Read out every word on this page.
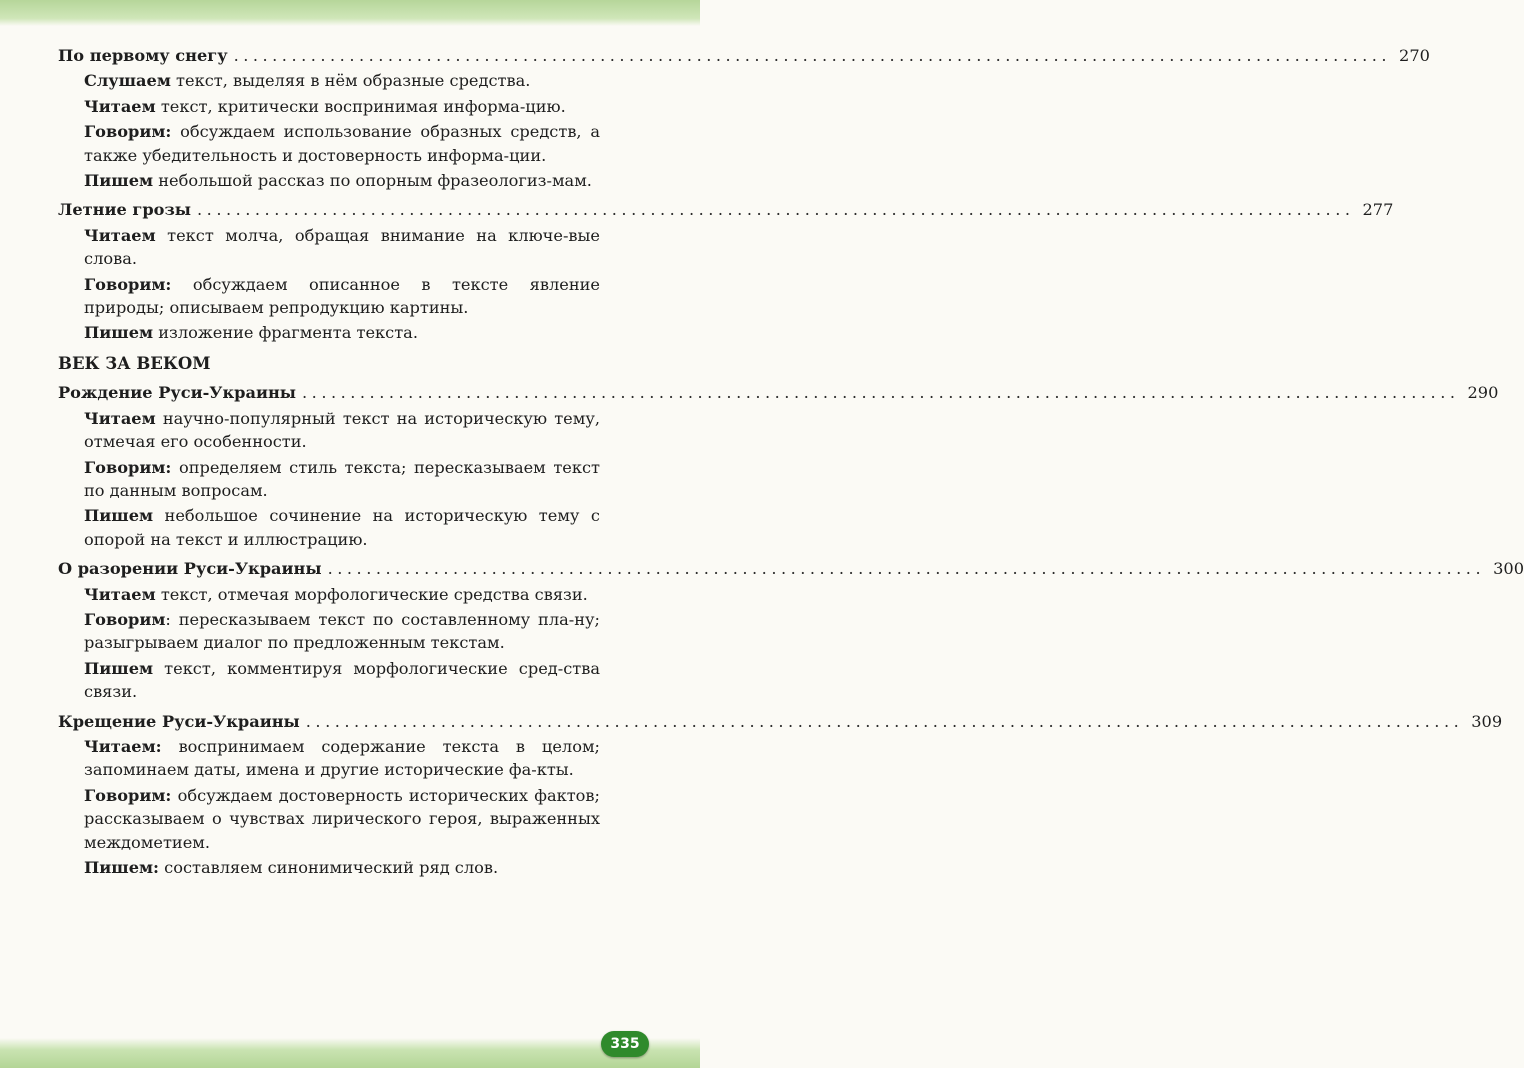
По первому снегу ........................................................................................................................ 270
Слушаем текст, выделяя в нём образные средства.
Читаем текст, критически воспринимая информа-цию.
Говорим: обсуждаем использование образных средств, а также убедительность и достоверность информа-ции.
Пишем небольшой рассказ по опорным фразеологиз-мам.
Летние грозы ........................................................................................................................ 277
Читаем текст молча, обращая внимание на ключе-вые слова.
Говорим: обсуждаем описанное в тексте явление природы; описываем репродукцию картины.
Пишем изложение фрагмента текста.
ВЕК ЗА ВЕКОМ
Рождение Руси-Украины ........................................................................................................................ 290
Читаем научно-популярный текст на историческую тему, отмечая его особенности.
Говорим: определяем стиль текста; пересказываем текст по данным вопросам.
Пишем небольшое сочинение на историческую тему с опорой на текст и иллюстрацию.
О разорении Руси-Украины ........................................................................................................................ 300
Читаем текст, отмечая морфологические средства связи.
Говорим: пересказываем текст по составленному пла-ну; разыгрываем диалог по предложенным текстам.
Пишем текст, комментируя морфологические сред-ства связи.
Крещение Руси-Украины ........................................................................................................................ 309
Читаем: воспринимаем содержание текста в целом; запоминаем даты, имена и другие исторические фа-кты.
Говорим: обсуждаем достоверность исторических фактов; рассказываем о чувствах лирического героя, выраженных междометием.
Пишем: составляем синонимический ряд слов.
335
